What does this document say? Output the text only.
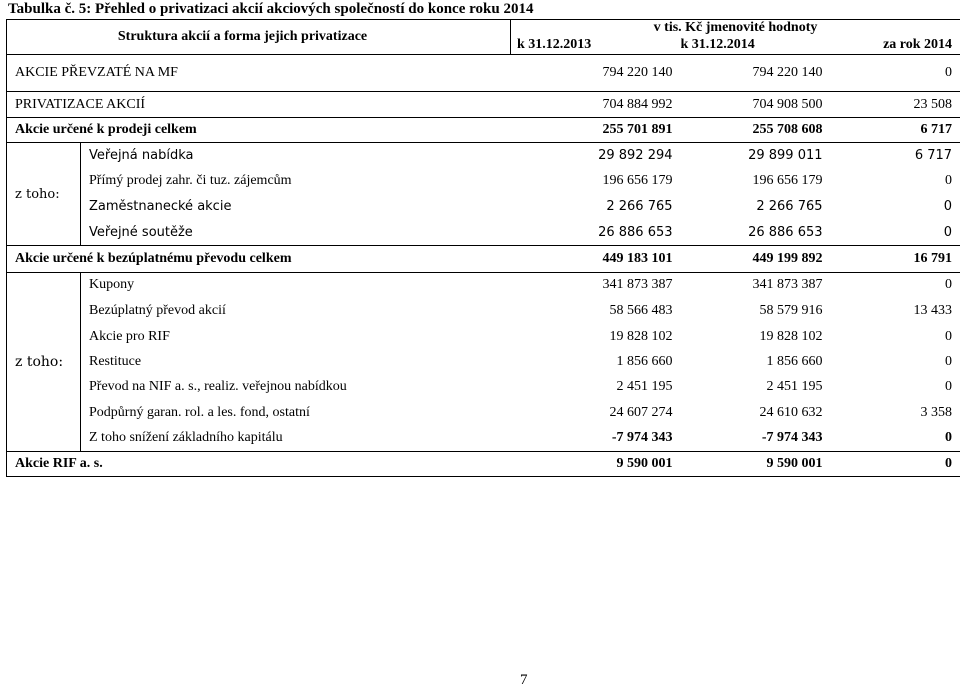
Tabulka č. 5: Přehled o privatizaci akcií akciových společností do konce roku 2014
Struktura akcií a forma jejich privatizace		v tis. Kč jmenovité hodnoty		
		k 31.12.2013	k 31.12.2014	za rok 2014
AKCIE PŘEVZATÉ NA MF		794 220 140	794 220 140	0
PRIVATIZACE AKCIÍ		704 884 992	704 908 500	23 508
Akcie určené k prodeji celkem		255 701 891	255 708 608	6 717
z toho:	Veřejná nabídka	29 892 294	29 899 011	6 717
	Přímý prodej zahr. či tuz. zájemcům	196 656 179	196 656 179	0
	Zaměstnanecké akcie	2 266 765	2 266 765	0
	Veřejné soutěže	26 886 653	26 886 653	0
Akcie určené k bezúplatnému převodu celkem		449 183 101	449 199 892	16 791
z toho:	Kupony	341 873 387	341 873 387	0
	Bezúplatný převod akcií	58 566 483	58 579 916	13 433
	Akcie pro RIF	19 828 102	19 828 102	0
	Restituce	1 856 660	1 856 660	0
	Převod na NIF a. s., realiz. veřejnou nabídkou	2 451 195	2 451 195	0
	Podpůrný garan. rol. a les. fond, ostatní	24 607 274	24 610 632	3 358
	Z toho snížení základního kapitálu	-7 974 343	-7 974 343	0
Akcie RIF a. s.		9 590 001	9 590 001	0
7
